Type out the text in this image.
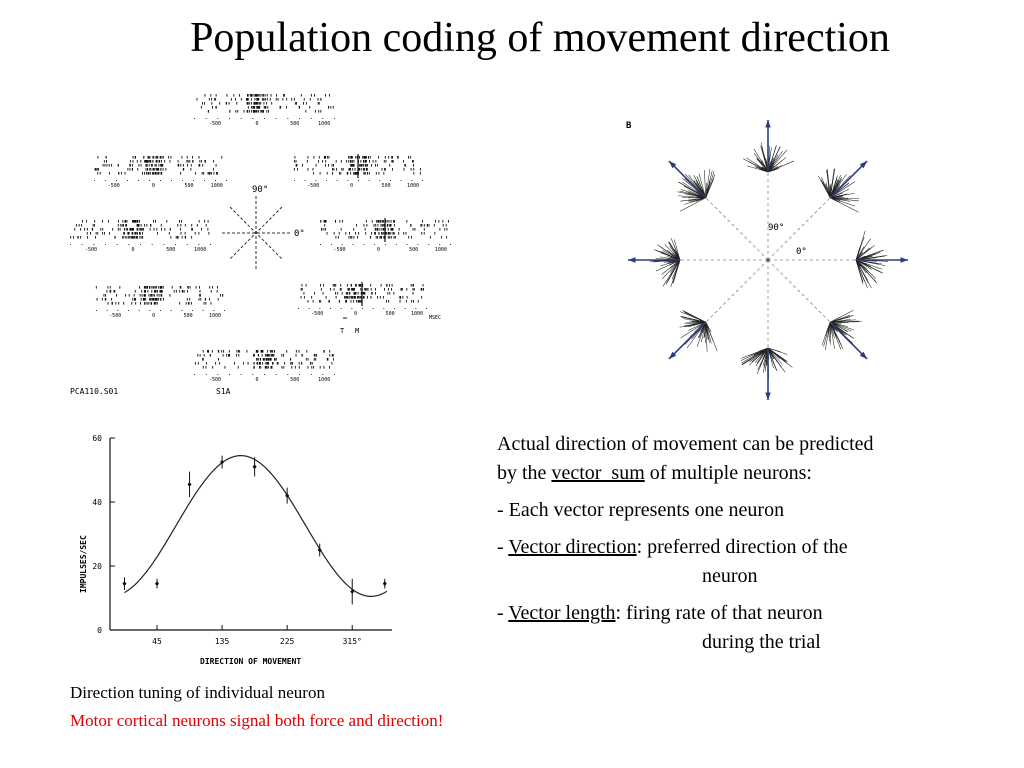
Population coding of movement direction
-500	0	500	1000
-500	0	500	1000	-500	0	500	1000
-500	0	500	1000	-500	0	500	1000
-500	0	500	1000	-500	0	500	1000
-500	0	500	1000
90°
0°
T M
MSEC
PCA110.S01	S1A
B
90°
0°
0
20
40
60
45	135	225	315°
DIRECTION OF MOVEMENT
IMPULSES/SEC

Actual direction of movement can be predicted
by the vector  sum of multiple neurons:

- Each vector represents one neuron

- Vector direction: preferred direction of the
neuron

- Vector length: firing rate of that neuron
during the trial

Direction tuning of individual neuron
Motor cortical neurons signal both force and direction!
